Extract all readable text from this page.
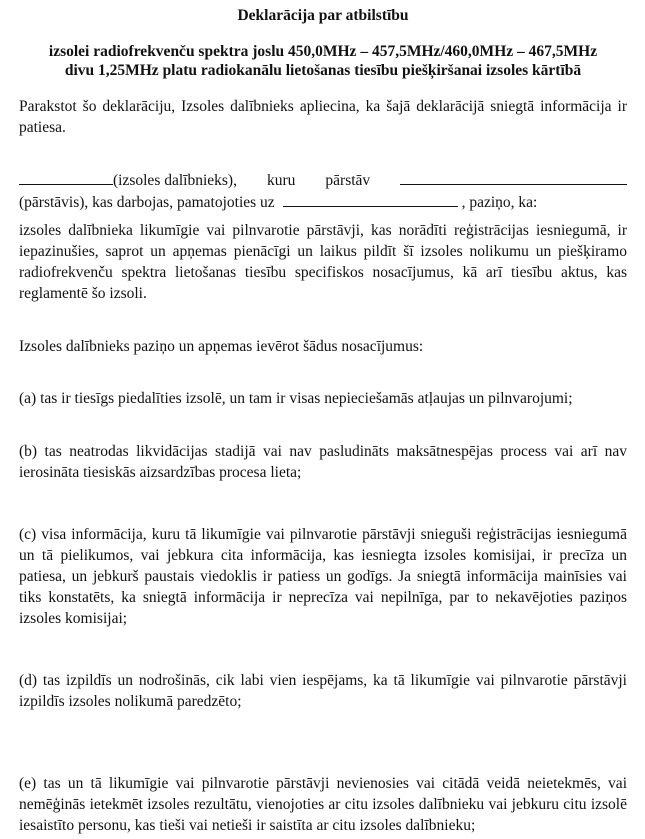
Deklarācija par atbilstību
izsolei radiofrekvenču spektra joslu 450,0MHz – 457,5MHz/460,0MHz – 467,5MHz
divu 1,25MHz platu radiokanālu lietošanas tiesību piešķiršanai izsoles kārtībā

Parakstot šo deklarāciju, Izsoles dalībnieks apliecina, ka šajā deklarācijā sniegtā informācija ir patiesa.

(izsoles dalībnieks), kuru pārstāv
(pārstāvis), kas darbojas, pamatojoties uz	, paziņo, ka:

izsoles dalībnieka likumīgie vai pilnvarotie pārstāvji, kas norādīti reģistrācijas iesniegumā, ir iepazinušies, saprot un apņemas pienācīgi un laikus pildīt šī izsoles nolikumu un piešķiramo radiofrekvenču spektra lietošanas tiesību specifiskos nosacījumus, kā arī tiesību aktus, kas reglamentē šo izsoli.

Izsoles dalībnieks paziņo un apņemas ievērot šādus nosacījumus:

(a) tas ir tiesīgs piedalīties izsolē, un tam ir visas nepieciešamās atļaujas un pilnvarojumi;

(b) tas neatrodas likvidācijas stadijā vai nav pasludināts maksātnespējas process vai arī nav ierosināta tiesiskās aizsardzības procesa lieta;

(c) visa informācija, kuru tā likumīgie vai pilnvarotie pārstāvji snieguši reģistrācijas iesniegumā un tā pielikumos, vai jebkura cita informācija, kas iesniegta izsoles komisijai, ir precīza un patiesa, un jebkurš paustais viedoklis ir patiess un godīgs. Ja sniegtā informācija mainīsies vai tiks konstatēts, ka sniegtā informācija ir neprecīza vai nepilnīga, par to nekavējoties paziņos izsoles komisijai;

(d) tas izpildīs un nodrošinās, cik labi vien iespējams, ka tā likumīgie vai pilnvarotie pārstāvji izpildīs izsoles nolikumā paredzēto;

(e) tas un tā likumīgie vai pilnvarotie pārstāvji nevienosies vai citādā veidā neietekmēs, vai nemēģinās ietekmēt izsoles rezultātu, vienojoties ar citu izsoles dalībnieku vai jebkuru citu izsolē iesaistīto personu, kas tieši vai netieši ir saistīta ar citu izsoles dalībnieku;
